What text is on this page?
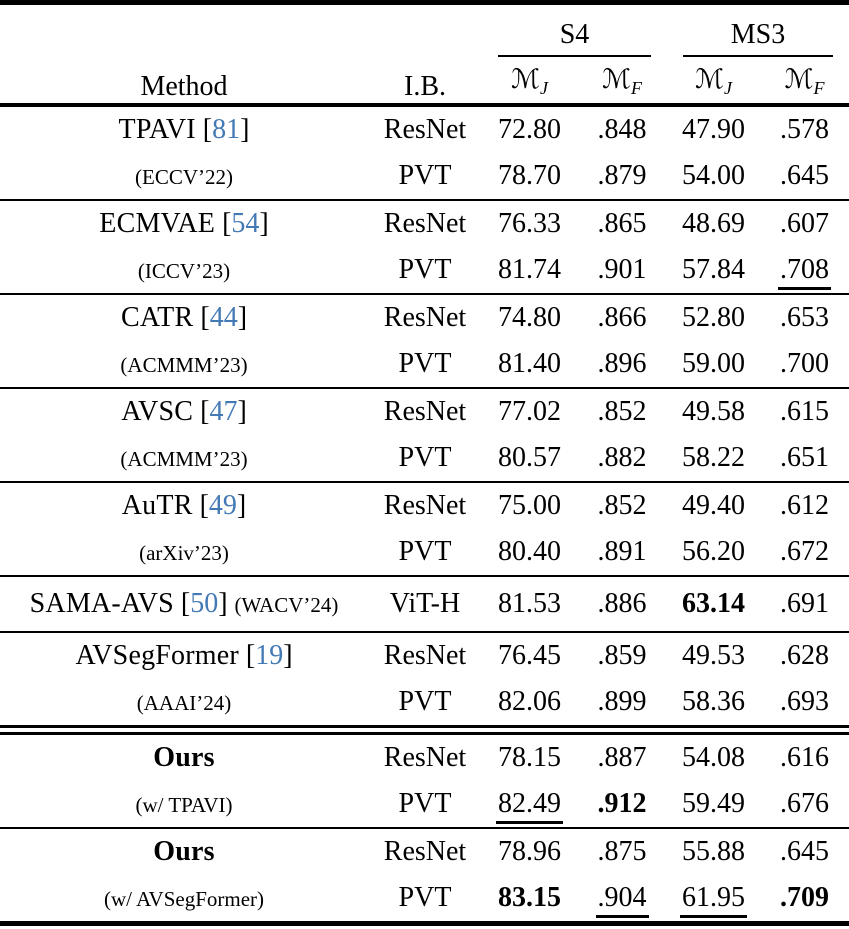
Method	I.B.	S4		MS3	

		ℳ$_J$	ℳ$_F$	ℳ$_J$	ℳ$_F$
TPAVI [81]	ResNet	72.80	.848	47.90	.578
(ECCV’22)	PVT	78.70	.879	54.00	.645
ECMVAE [54]	ResNet	76.33	.865	48.69	.607
(ICCV’23)	PVT	81.74	.901	57.84	.708
CATR [44]	ResNet	74.80	.866	52.80	.653
(ACMMM’23)	PVT	81.40	.896	59.00	.700
AVSC [47]	ResNet	77.02	.852	49.58	.615
(ACMMM’23)	PVT	80.57	.882	58.22	.651
AuTR [49]	ResNet	75.00	.852	49.40	.612
(arXiv’23)	PVT	80.40	.891	56.20	.672
SAMA-AVS [50] (WACV’24)	ViT-H	81.53	.886	63.14	.691
AVSegFormer [19]	ResNet	76.45	.859	49.53	.628
(AAAI’24)	PVT	82.06	.899	58.36	.693
Ours	ResNet	78.15	.887	54.08	.616
(w/ TPAVI)	PVT	82.49	.912	59.49	.676
Ours	ResNet	78.96	.875	55.88	.645
(w/ AVSegFormer)	PVT	83.15	.904	61.95	.709
